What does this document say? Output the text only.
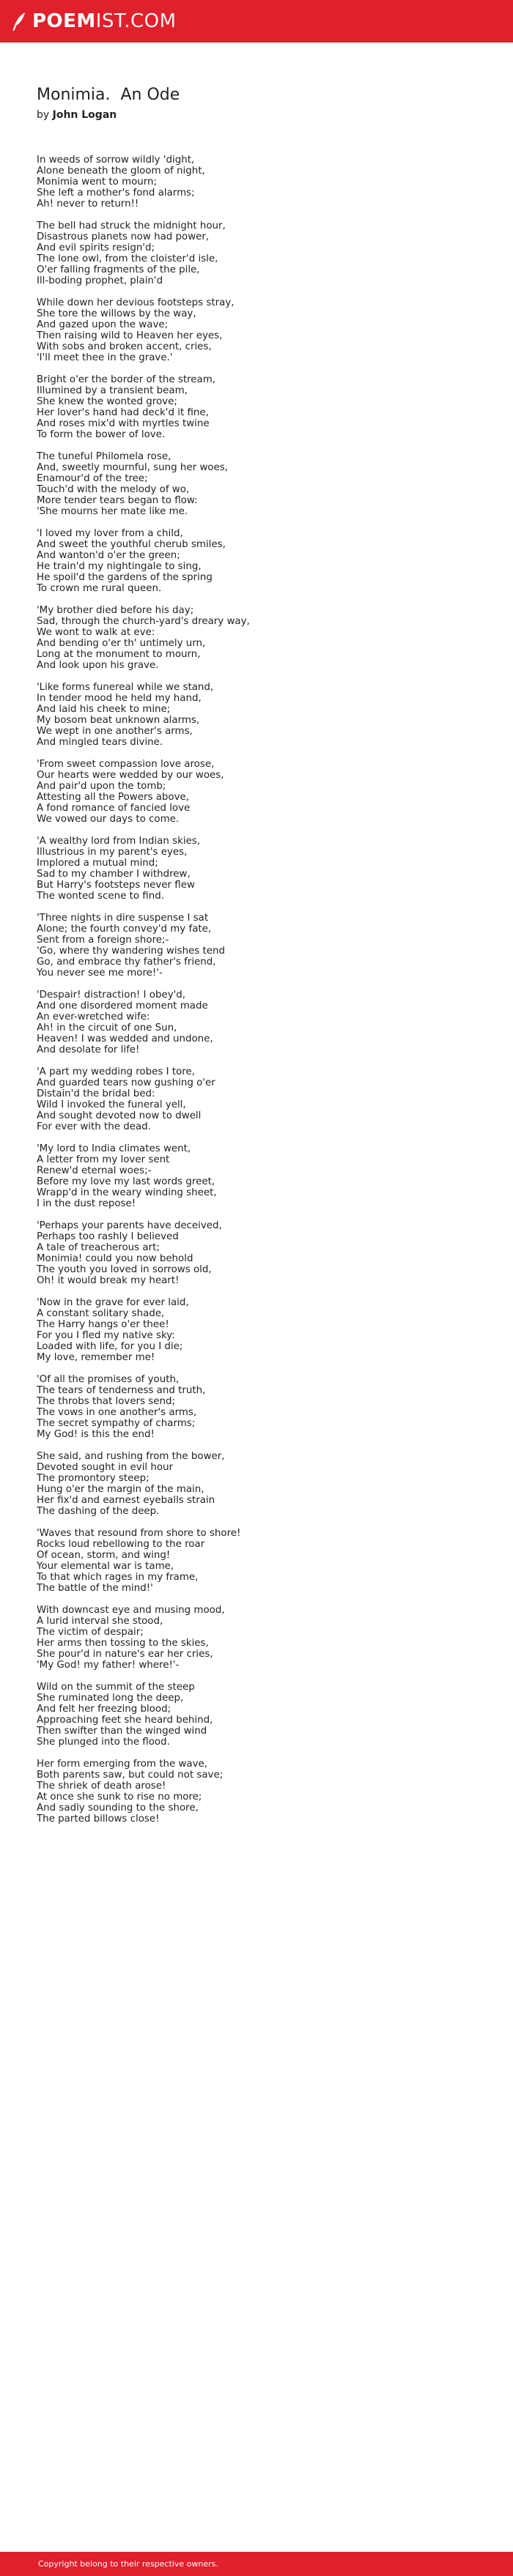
POEMIST.COM
Monimia.  An Ode
by John Logan
In weeds of sorrow wildly 'dight,
Alone beneath the gloom of night,
Monimia went to mourn;
She left a mother's fond alarms;
Ah! never to return!!
The bell had struck the midnight hour,
Disastrous planets now had power,
And evil spirits resign'd;
The lone owl, from the cloister'd isle,
O'er falling fragments of the pile,
Ill-boding prophet, plain'd
While down her devious footsteps stray,
She tore the willows by the way,
And gazed upon the wave;
Then raising wild to Heaven her eyes,
With sobs and broken accent, cries,
'I'll meet thee in the grave.'
Bright o'er the border of the stream,
Illumined by a transient beam,
She knew the wonted grove;
Her lover's hand had deck'd it fine,
And roses mix'd with myrtles twine
To form the bower of love.
The tuneful Philomela rose,
And, sweetly mournful, sung her woes,
Enamour'd of the tree;
Touch'd with the melody of wo,
More tender tears began to flow:
'She mourns her mate like me.
'I loved my lover from a child,
And sweet the youthful cherub smiles,
And wanton'd o'er the green;
He train'd my nightingale to sing,
He spoil'd the gardens of the spring
To crown me rural queen.
'My brother died before his day;
Sad, through the church-yard's dreary way,
We wont to walk at eve:
And bending o'er th' untimely urn,
Long at the monument to mourn,
And look upon his grave.
'Like forms funereal while we stand,
In tender mood he held my hand,
And laid his cheek to mine;
My bosom beat unknown alarms,
We wept in one another's arms,
And mingled tears divine.
'From sweet compassion love arose,
Our hearts were wedded by our woes,
And pair'd upon the tomb;
Attesting all the Powers above,
A fond romance of fancied love
We vowed our days to come.
'A wealthy lord from Indian skies,
Illustrious in my parent's eyes,
Implored a mutual mind;
Sad to my chamber I withdrew,
But Harry's footsteps never flew
The wonted scene to find.
'Three nights in dire suspense I sat
Alone; the fourth convey'd my fate,
Sent from a foreign shore;-
'Go, where thy wandering wishes tend
Go, and embrace thy father's friend,
You never see me more!'-
'Despair! distraction! I obey'd,
And one disordered moment made
An ever-wretched wife:
Ah! in the circuit of one Sun,
Heaven! I was wedded and undone,
And desolate for life!
'A part my wedding robes I tore,
And guarded tears now gushing o'er
Distain'd the bridal bed:
Wild I invoked the funeral yell,
And sought devoted now to dwell
For ever with the dead.
'My lord to India climates went,
A letter from my lover sent
Renew'd eternal woes;-
Before my love my last words greet,
Wrapp'd in the weary winding sheet,
I in the dust repose!
'Perhaps your parents have deceived,
Perhaps too rashly I believed
A tale of treacherous art;
Monimia! could you now behold
The youth you loved in sorrows old,
Oh! it would break my heart!
'Now in the grave for ever laid,
A constant solitary shade,
The Harry hangs o'er thee!
For you I fled my native sky:
Loaded with life, for you I die;
My love, remember me!
'Of all the promises of youth,
The tears of tenderness and truth,
The throbs that lovers send;
The vows in one another's arms,
The secret sympathy of charms;
My God! is this the end!
She said, and rushing from the bower,
Devoted sought in evil hour
The promontory steep;
Hung o'er the margin of the main,
Her fix'd and earnest eyeballs strain
The dashing of the deep.
'Waves that resound from shore to shore!
Rocks loud rebellowing to the roar
Of ocean, storm, and wing!
Your elemental war is tame,
To that which rages in my frame,
The battle of the mind!'
With downcast eye and musing mood,
A lurid interval she stood,
The victim of despair;
Her arms then tossing to the skies,
She pour'd in nature's ear her cries,
'My God! my father! where!'-
Wild on the summit of the steep
She ruminated long the deep,
And felt her freezing blood;
Approaching feet she heard behind,
Then swifter than the winged wind
She plunged into the flood.
Her form emerging from the wave,
Both parents saw, but could not save;
The shriek of death arose!
At once she sunk to rise no more;
And sadly sounding to the shore,
The parted billows close!
Copyright belong to their respective owners.
